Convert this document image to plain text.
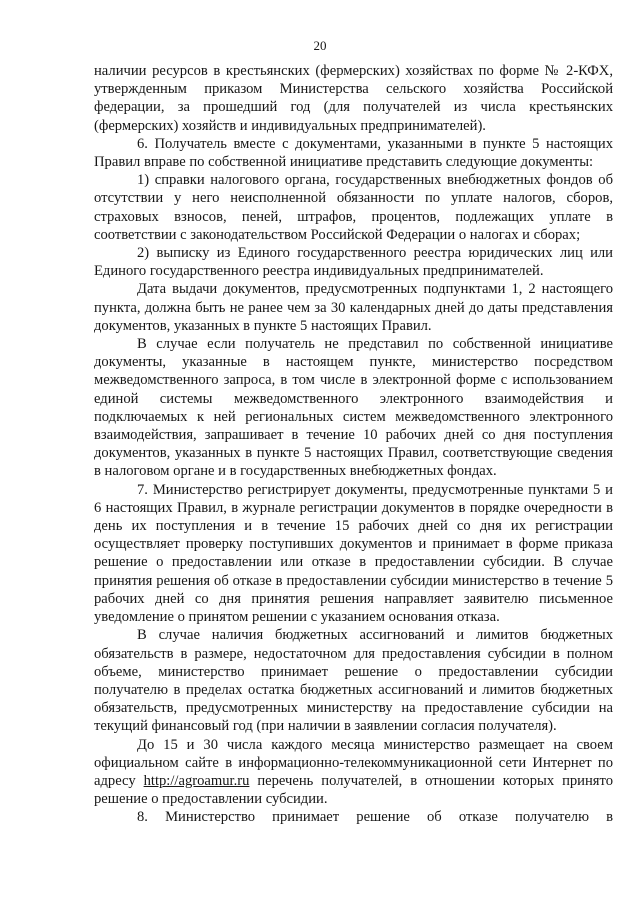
20

наличии ресурсов в крестьянских (фермерских) хозяйствах по форме № 2-КФХ, утвержденным приказом Министерства сельского хозяйства Российской федерации, за прошедший год (для получателей из числа крестьянских (фермерских) хозяйств и индивидуальных предпринимателей).

6. Получатель вместе с документами, указанными в пункте 5 настоящих Правил вправе по собственной инициативе представить следующие документы:

1) справки налогового органа, государственных внебюджетных фондов об отсутствии у него неисполненной обязанности по уплате налогов, сборов, страховых взносов, пеней, штрафов, процентов, подлежащих уплате в соответствии с законодательством Российской Федерации о налогах и сборах;

2) выписку из Единого государственного реестра юридических лиц или Единого государственного реестра индивидуальных предпринимателей.

Дата выдачи документов, предусмотренных подпунктами 1, 2 настоящего пункта, должна быть не ранее чем за 30 календарных дней до даты представления документов, указанных в пункте 5 настоящих Правил.

В случае если получатель не представил по собственной инициативе документы, указанные в настоящем пункте, министерство посредством межведомственного запроса, в том числе в электронной форме с использованием единой системы межведомственного электронного взаимодействия и подключаемых к ней региональных систем межведомственного электронного взаимодействия, запрашивает в течение 10 рабочих дней со дня поступления документов, указанных в пункте 5 настоящих Правил, соответствующие сведения в налоговом органе и в государственных внебюджетных фондах.

7. Министерство регистрирует документы, предусмотренные пунктами 5 и 6 настоящих Правил, в журнале регистрации документов в порядке очередности в день их поступления и в течение 15 рабочих дней со дня их регистрации осуществляет проверку поступивших документов и принимает в форме приказа решение о предоставлении или отказе в предоставлении субсидии. В случае принятия решения об отказе в предоставлении субсидии министерство в течение 5 рабочих дней со дня принятия решения направляет заявителю письменное уведомление о принятом решении с указанием основания отказа.

В случае наличия бюджетных ассигнований и лимитов бюджетных обязательств в размере, недостаточном для предоставления субсидии в полном объеме, министерство принимает решение о предоставлении субсидии получателю в пределах остатка бюджетных ассигнований и лимитов бюджетных обязательств, предусмотренных министерству на предоставление субсидии на текущий финансовый год (при наличии в заявлении согласия получателя).

До 15 и 30 числа каждого месяца министерство размещает на своем официальном сайте в информационно-телекоммуникационной сети Интернет по адресу http://agroamur.ru перечень получателей, в отношении которых принято решение о предоставлении субсидии.

8. Министерство принимает решение об отказе получателю в
